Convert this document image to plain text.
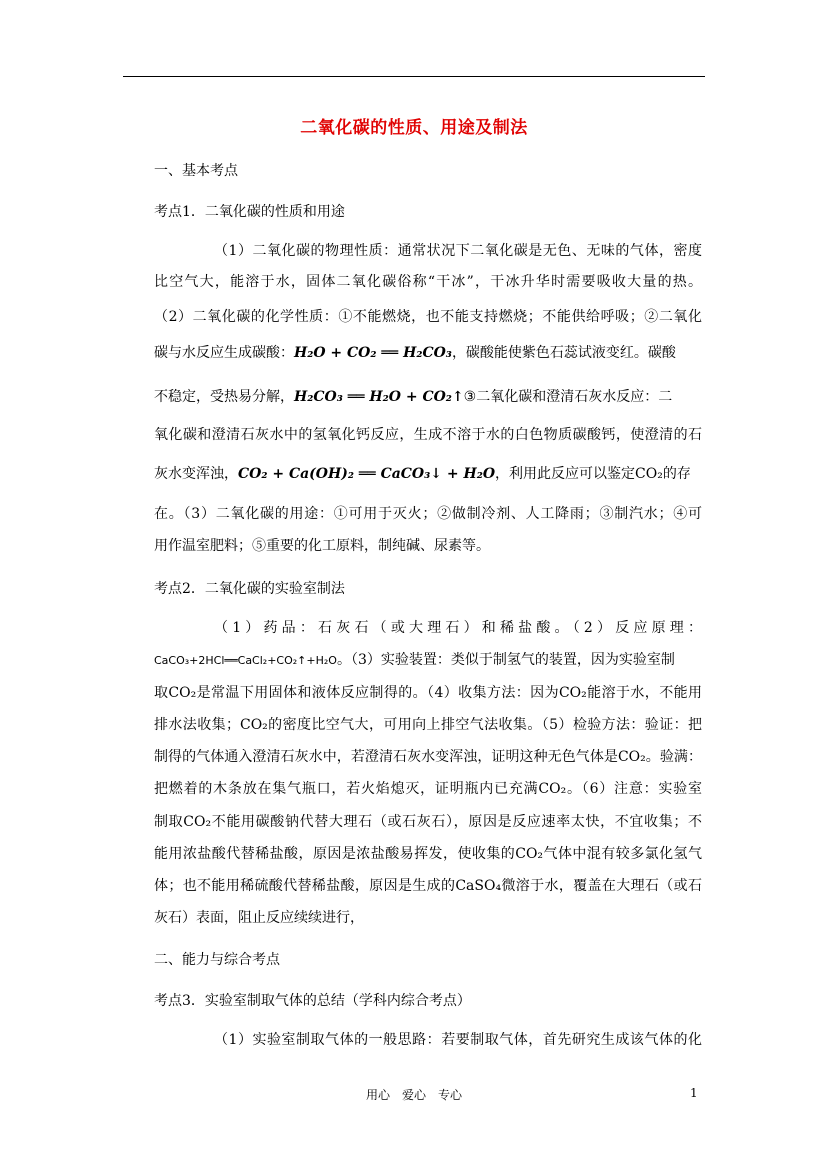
二氧化碳的性质、用途及制法
一、基本考点
考点1．二氧化碳的性质和用途
（1）二氧化碳的物理性质：通常状况下二氧化碳是无色、无味的气体，密度
比空气大，能溶于水，固体二氧化碳俗称“干冰”，干冰升华时需要吸收大量的热。
（2）二氧化碳的化学性质：①不能燃烧，也不能支持燃烧；不能供给呼吸；②二氧化
碳与水反应生成碳酸：H₂O + CO₂ ══ H₂CO₃，碳酸能使紫色石蕊试液变红。碳酸
不稳定，受热易分解，H₂CO₃ ══ H₂O + CO₂↑③二氧化碳和澄清石灰水反应：二
氧化碳和澄清石灰水中的氢氧化钙反应，生成不溶于水的白色物质碳酸钙，使澄清的石
灰水变浑浊，CO₂ + Ca(OH)₂ ══ CaCO₃↓ + H₂O，利用此反应可以鉴定CO₂的存
在。（3）二氧化碳的用途：①可用于灭火；②做制冷剂、人工降雨；③制汽水；④可
用作温室肥料；⑤重要的化工原料，制纯碱、尿素等。
考点2．二氧化碳的实验室制法
（1）药品：石灰石（或大理石）和稀盐酸。（2）反应原理：
CaCO₃+2HCl══CaCl₂+CO₂↑+H₂O。（3）实验装置：类似于制氢气的装置，因为实验室制
取CO₂是常温下用固体和液体反应制得的。（4）收集方法：因为CO₂能溶于水，不能用
排水法收集；CO₂的密度比空气大，可用向上排空气法收集。（5）检验方法：验证：把
制得的气体通入澄清石灰水中，若澄清石灰水变浑浊，证明这种无色气体是CO₂。验满：
把燃着的木条放在集气瓶口，若火焰熄灭，证明瓶内已充满CO₂。（6）注意：实验室
制取CO₂不能用碳酸钠代替大理石（或石灰石），原因是反应速率太快，不宜收集；不
能用浓盐酸代替稀盐酸，原因是浓盐酸易挥发，使收集的CO₂气体中混有较多氯化氢气
体；也不能用稀硫酸代替稀盐酸，原因是生成的CaSO₄微溶于水，覆盖在大理石（或石
灰石）表面，阻止反应续续进行，
二、能力与综合考点
考点3．实验室制取气体的总结（学科内综合考点）
（1）实验室制取气体的一般思路：若要制取气体，首先研究生成该气体的化
用心　爱心　专心	1
